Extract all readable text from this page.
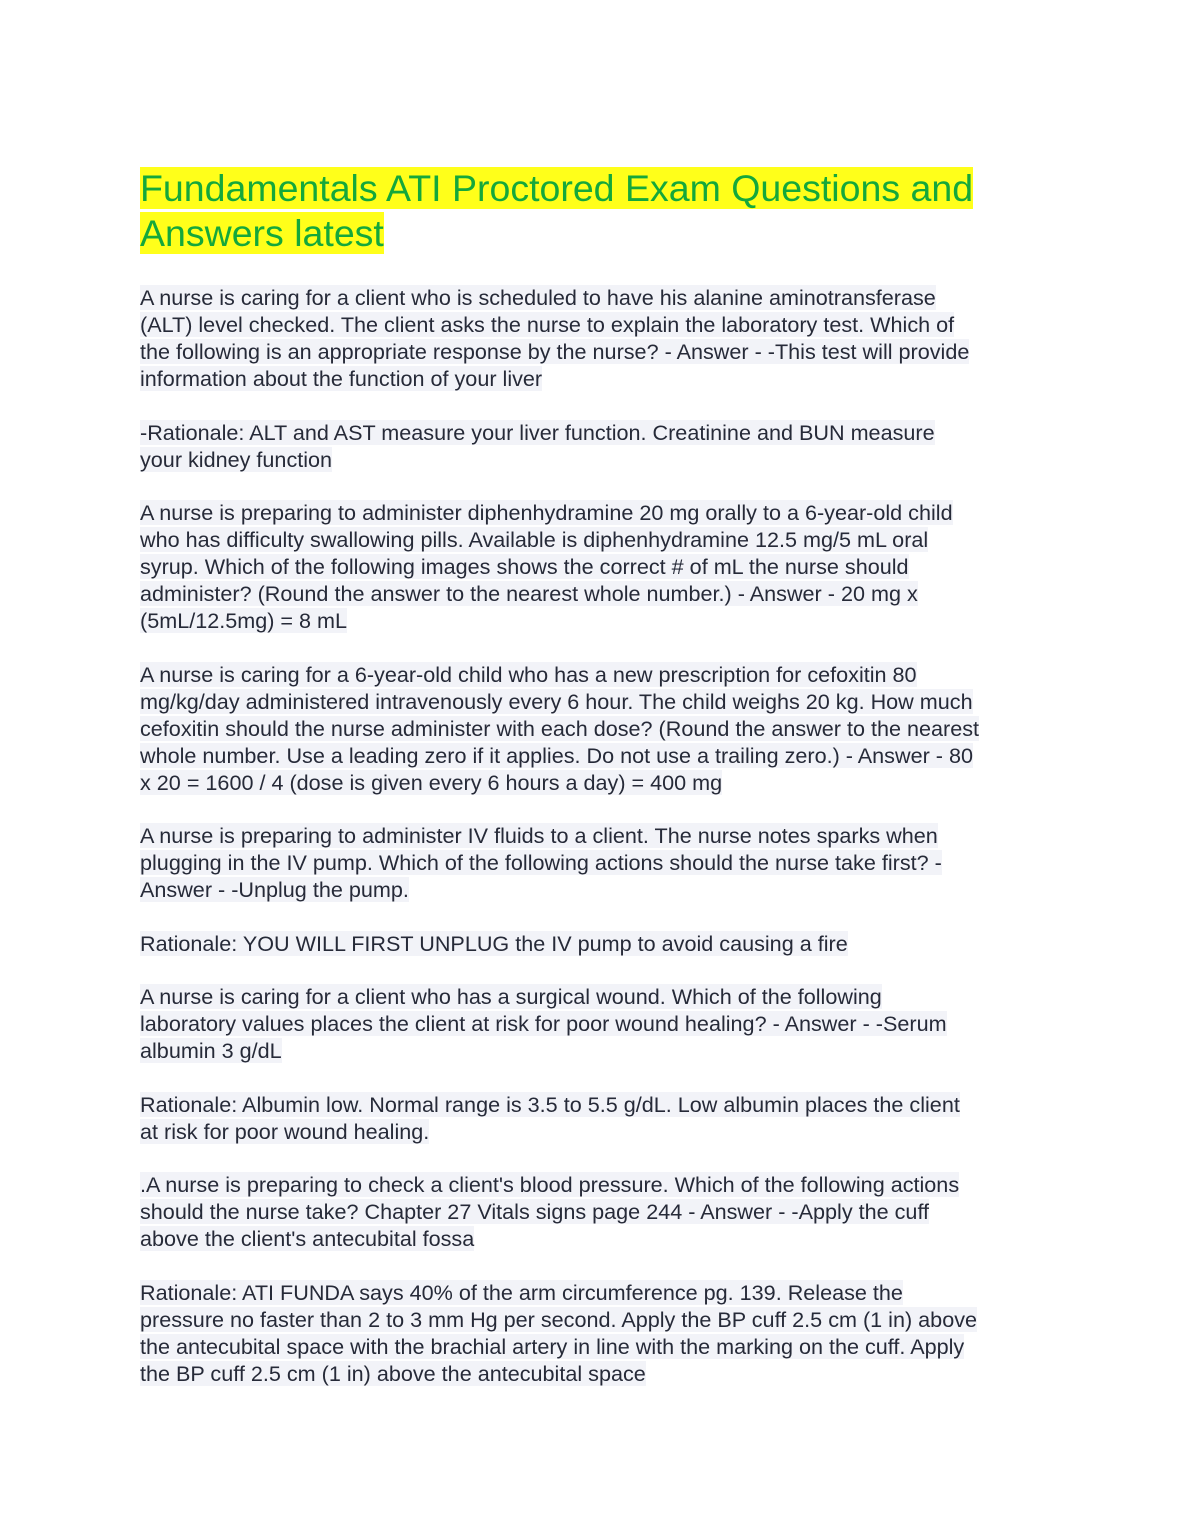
Fundamentals ATI Proctored Exam Questions and
Answers latest

A nurse is caring for a client who is scheduled to have his alanine aminotransferase
(ALT) level checked. The client asks the nurse to explain the laboratory test. Which of
the following is an appropriate response by the nurse? - Answer - -This test will provide
information about the function of your liver

-Rationale: ALT and AST measure your liver function. Creatinine and BUN measure
your kidney function

A nurse is preparing to administer diphenhydramine 20 mg orally to a 6-year-old child
who has difficulty swallowing pills. Available is diphenhydramine 12.5 mg/5 mL oral
syrup. Which of the following images shows the correct # of mL the nurse should
administer? (Round the answer to the nearest whole number.) - Answer - 20 mg x
(5mL/12.5mg) = 8 mL

A nurse is caring for a 6-year-old child who has a new prescription for cefoxitin 80
mg/kg/day administered intravenously every 6 hour. The child weighs 20 kg. How much
cefoxitin should the nurse administer with each dose? (Round the answer to the nearest
whole number. Use a leading zero if it applies. Do not use a trailing zero.) - Answer - 80
x 20 = 1600 / 4 (dose is given every 6 hours a day) = 400 mg

A nurse is preparing to administer IV fluids to a client. The nurse notes sparks when
plugging in the IV pump. Which of the following actions should the nurse take first? -
Answer - -Unplug the pump.

Rationale: YOU WILL FIRST UNPLUG the IV pump to avoid causing a fire

A nurse is caring for a client who has a surgical wound. Which of the following
laboratory values places the client at risk for poor wound healing? - Answer - -Serum
albumin 3 g/dL

Rationale: Albumin low. Normal range is 3.5 to 5.5 g/dL. Low albumin places the client
at risk for poor wound healing.

.A nurse is preparing to check a client's blood pressure. Which of the following actions
should the nurse take? Chapter 27 Vitals signs page 244 - Answer - -Apply the cuff
above the client's antecubital fossa

Rationale: ATI FUNDA says 40% of the arm circumference pg. 139. Release the
pressure no faster than 2 to 3 mm Hg per second. Apply the BP cuff 2.5 cm (1 in) above
the antecubital space with the brachial artery in line with the marking on the cuff. Apply
the BP cuff 2.5 cm (1 in) above the antecubital space
